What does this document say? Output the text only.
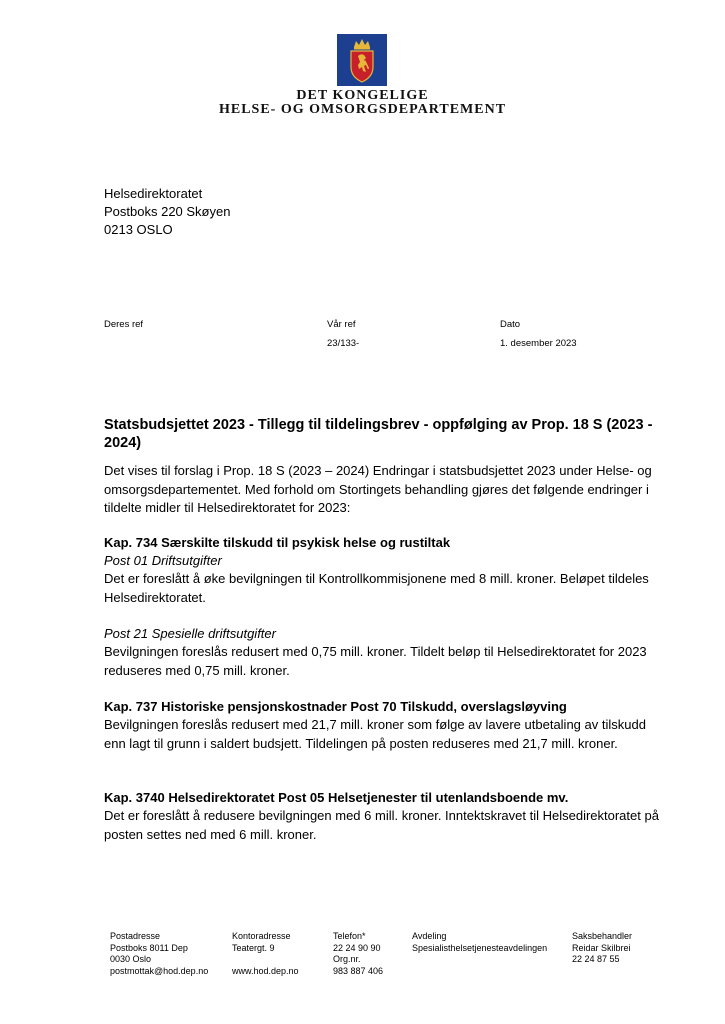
DET KONGELIGE
HELSE- OG OMSORGSDEPARTEMENT
Helsedirektoratet
Postboks 220 Skøyen
0213 OSLO
Deres ref	Vår ref
23/133-
Dato
1. desember 2023
Statsbudsjettet 2023 - Tillegg til tildelingsbrev - oppfølging av Prop. 18 S (2023 - 2024)
Det vises til forslag i Prop. 18 S (2023 – 2024) Endringar i statsbudsjettet 2023 under Helse- og omsorgsdepartementet. Med forhold om Stortingets behandling gjøres det følgende endringer i tildelte midler til Helsedirektoratet for 2023:
Kap. 734 Særskilte tilskudd til psykisk helse og rustiltak
Post 01 Driftsutgifter
Det er foreslått å øke bevilgningen til Kontrollkommisjonene med 8 mill. kroner. Beløpet tildeles Helsedirektoratet.
Post 21 Spesielle driftsutgifter
Bevilgningen foreslås redusert med 0,75 mill. kroner. Tildelt beløp til Helsedirektoratet for 2023 reduseres med 0,75 mill. kroner.
Kap. 737 Historiske pensjonskostnader Post 70 Tilskudd, overslagsløyving
Bevilgningen foreslås redusert med 21,7 mill. kroner som følge av lavere utbetaling av tilskudd enn lagt til grunn i saldert budsjett. Tildelingen på posten reduseres med 21,7 mill. kroner.
Kap. 3740 Helsedirektoratet Post 05 Helsetjenester til utenlandsboende mv.
Det er foreslått å redusere bevilgningen med 6 mill. kroner. Inntektskravet til Helsedirektoratet på posten settes ned med 6 mill. kroner.
Postadresse
Postboks 8011 Dep
0030 Oslo
postmottak@hod.dep.no
Kontoradresse
Teatergt. 9
www.hod.dep.no
Telefon*
22 24 90 90
Org.nr.
983 887 406
Avdeling
Spesialisthelsetjenesteavdelingen
Saksbehandler
Reidar Skilbrei
22 24 87 55
